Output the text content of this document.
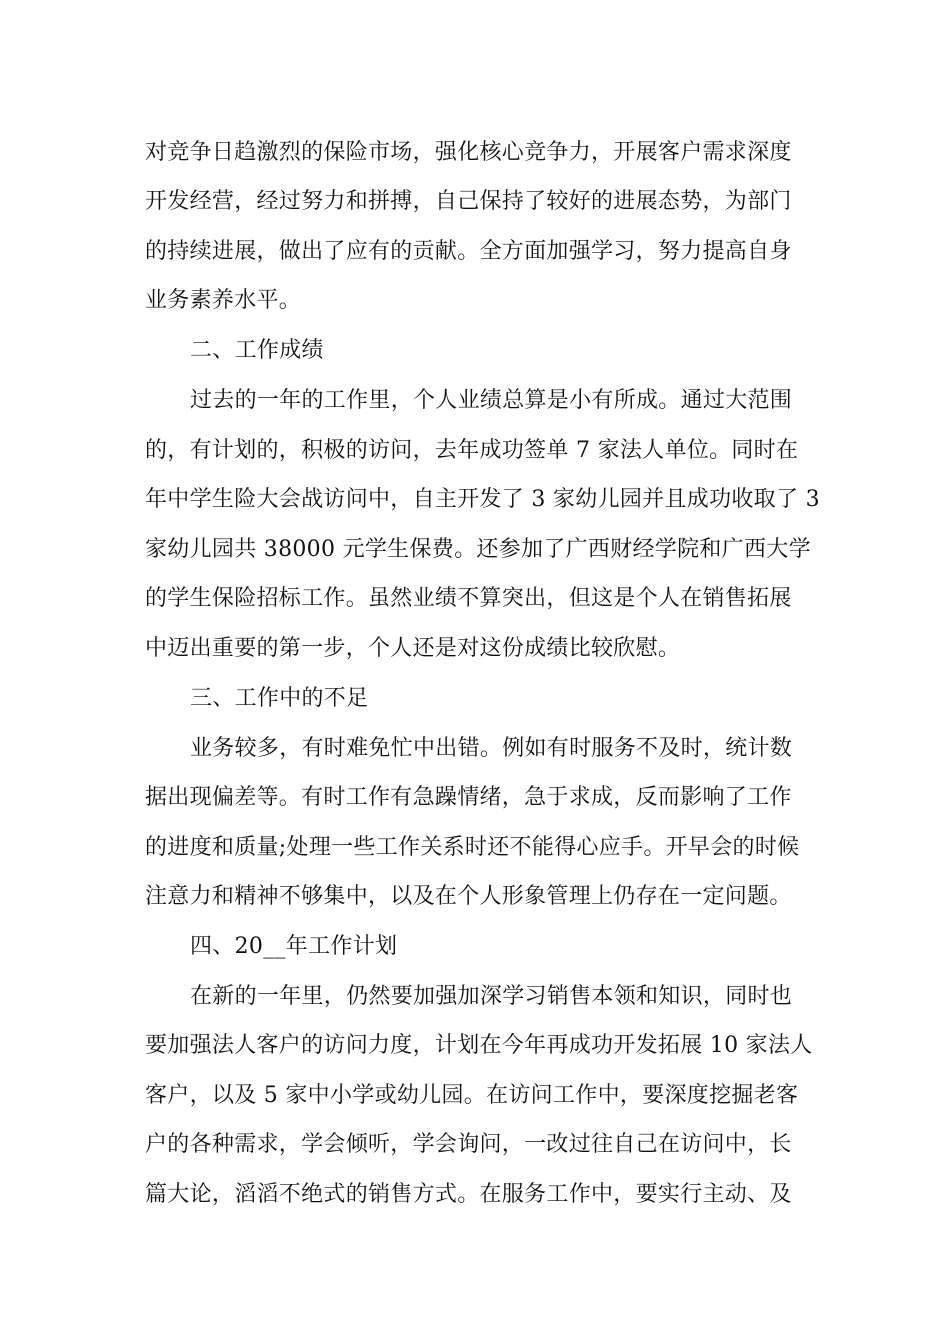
对竞争日趋激烈的保险市场，强化核心竞争力，开展客户需求深度
开发经营，经过努力和拼搏，自己保持了较好的进展态势，为部门
的持续进展，做出了应有的贡献。全方面加强学习，努力提高自身
业务素养水平。
二、工作成绩
过去的一年的工作里，个人业绩总算是小有所成。通过大范围
的，有计划的，积极的访问，去年成功签单 7 家法人单位。同时在
年中学生险大会战访问中，自主开发了 3 家幼儿园并且成功收取了 3
家幼儿园共 38000 元学生保费。还参加了广西财经学院和广西大学
的学生保险招标工作。虽然业绩不算突出，但这是个人在销售拓展
中迈出重要的第一步，个人还是对这份成绩比较欣慰。
三、工作中的不足
业务较多，有时难免忙中出错。例如有时服务不及时，统计数
据出现偏差等。有时工作有急躁情绪，急于求成，反而影响了工作
的进度和质量;处理一些工作关系时还不能得心应手。开早会的时候
注意力和精神不够集中，以及在个人形象管理上仍存在一定问题。
四、20__年工作计划
在新的一年里，仍然要加强加深学习销售本领和知识，同时也
要加强法人客户的访问力度，计划在今年再成功开发拓展 10 家法人
客户，以及 5 家中小学或幼儿园。在访问工作中，要深度挖掘老客
户的各种需求，学会倾听，学会询问，一改过往自己在访问中，长
篇大论，滔滔不绝式的销售方式。在服务工作中，要实行主动、及
